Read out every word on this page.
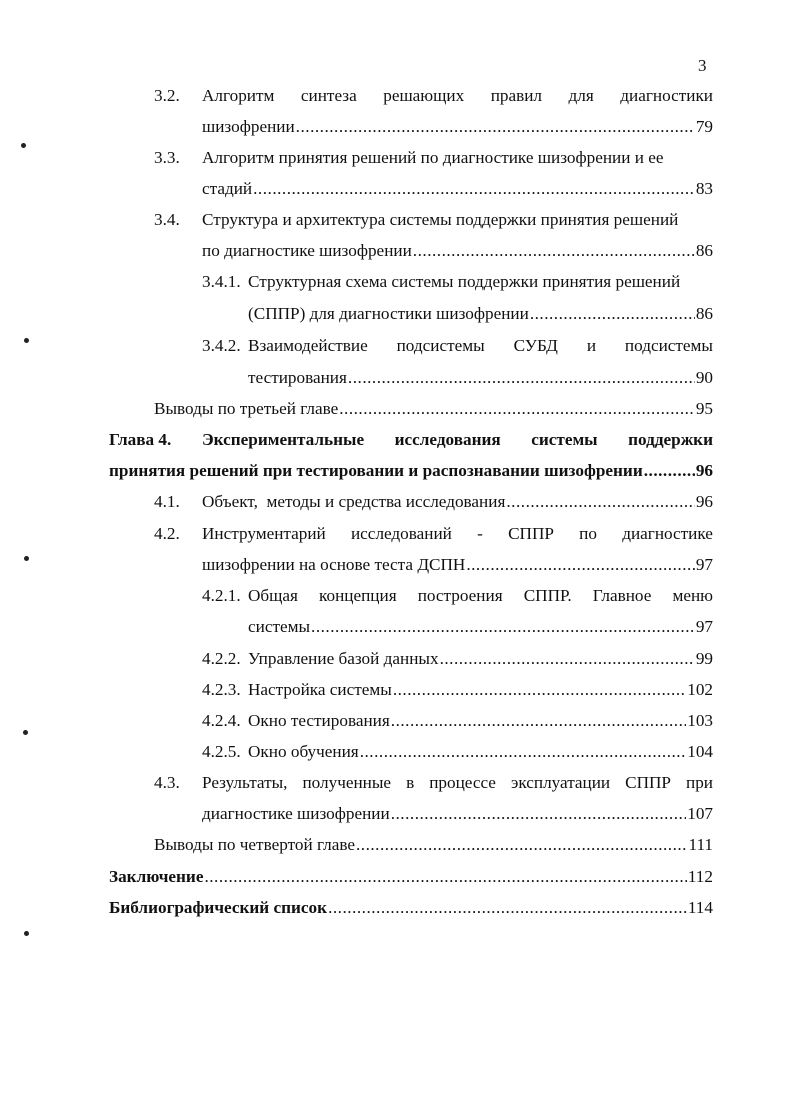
3
3.2. Алгоритм синтеза решающих правил для диагностики
шизофрении .....	79
3.3. Алгоритм принятия решений по диагностике шизофрении и ее
стадий .....	83
3.4. Структура и архитектура системы поддержки принятия решений
по диагностике шизофрении .....	86
3.4.1. Структурная схема системы поддержки принятия решений
(СППР) для диагностики шизофрении .....	86
3.4.2. Взаимодействие подсистемы СУБД и подсистемы
тестирования .....	90
Выводы по третьей главе .....	95
Глава 4. Экспериментальные исследования системы поддержки
принятия решений при тестировании и распознавании шизофрении .....	96
4.1. Объект,  методы и средства исследования .....	96
4.2. Инструментарий исследований - СППР по диагностике
шизофрении на основе теста ДСПН .....	97
4.2.1. Общая концепция построения СППР. Главное меню
системы .....	97
4.2.2. Управление базой данных .....	99
4.2.3. Настройка системы .....	102
4.2.4. Окно тестирования .....	103
4.2.5. Окно обучения .....	104
4.3. Результаты, полученные в процессе эксплуатации СППР при
диагностике шизофрении .....	107
Выводы по четвертой главе .....	111
Заключение .....	112
Библиографический список .....	114
